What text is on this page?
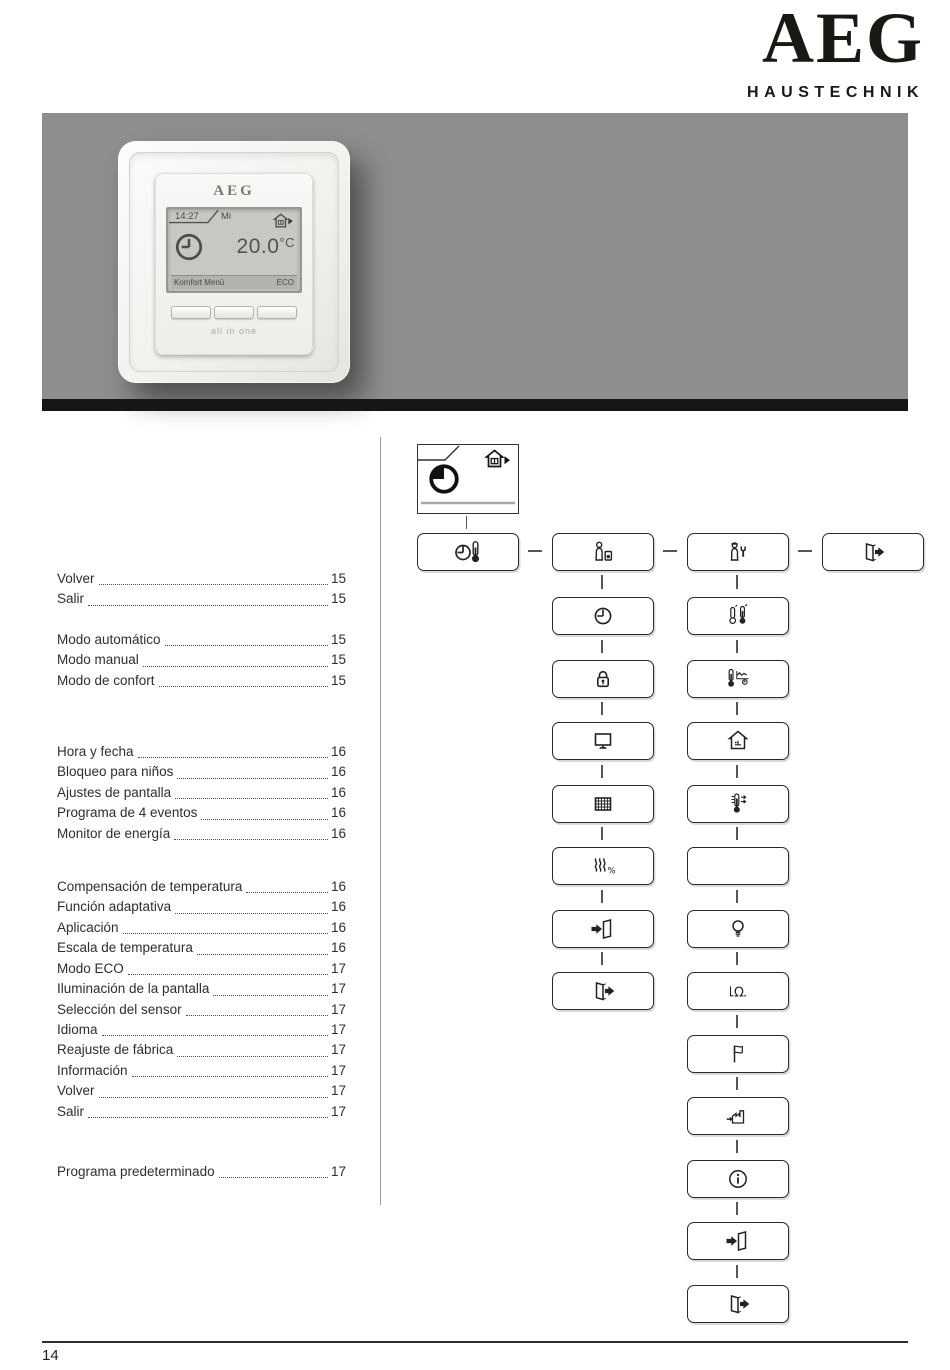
AEG
HAUSTECHNIK
AEG
14:27 Mi
$20.0^{^\circ C}$
Komfort Menü	ECO
all in one
Volver	15
Salir	15
Modo automático	15
Modo manual	15
Modo de confort	15
Hora y fecha	16
Bloqueo para niños	16
Ajustes de pantalla	16
Programa de 4 eventos	16
Monitor de energía	16
Compensación de temperatura	16
Función adaptativa	16
Aplicación	16
Escala de temperatura	16
Modo ECO	17
Iluminación de la pantalla	17
Selección del sensor	17
Idioma	17
Reajuste de fábrica	17
Información	17
Volver	17
Salir	17
Programa predeterminado	17
%
Ω
14
